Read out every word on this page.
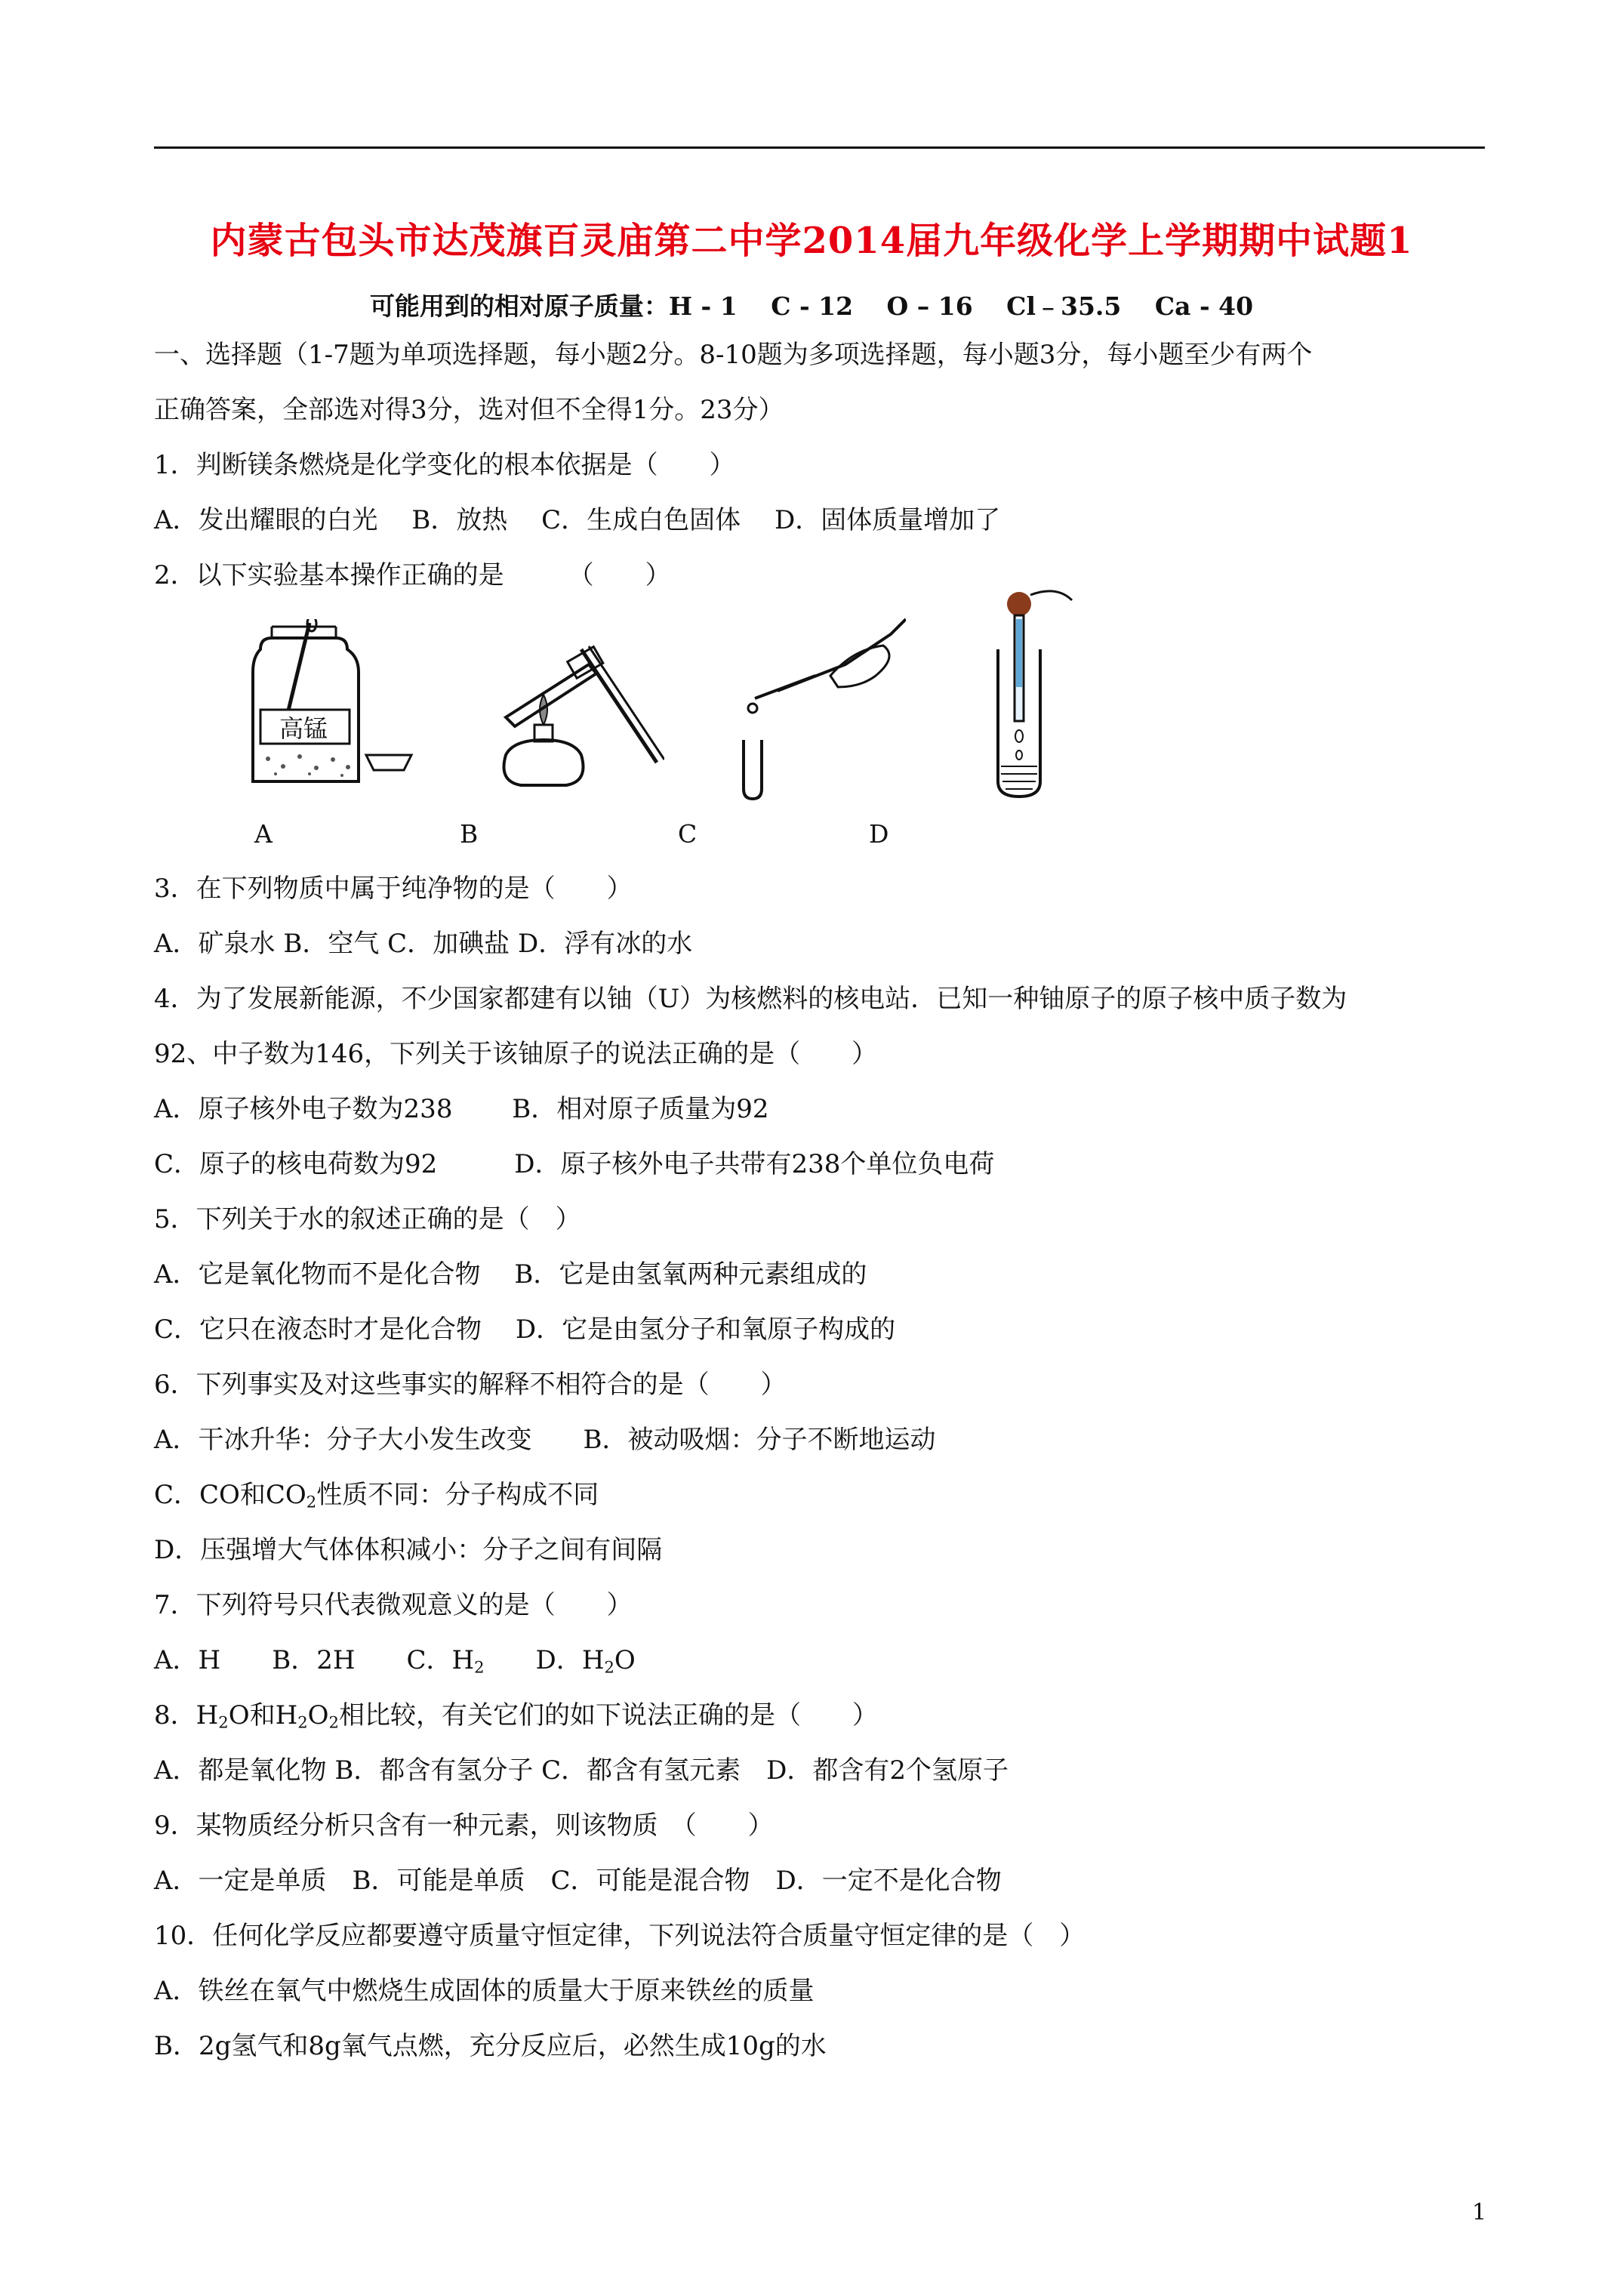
内蒙古包头市达茂旗百灵庙第二中学2014届九年级化学上学期期中试题1
可能用到的相对原子质量：H - 1　 C - 12　 O – 16　 Cl﹣35.5　 Ca - 40
一、选择题（1-7题为单项选择题，每小题2分。8-10题为多项选择题，每小题3分，每小题至少有两个
正确答案，全部选对得3分，选对但不全得1分。23分）
1．判断镁条燃烧是化学变化的根本依据是（　　）
A．发出耀眼的白光　 B．放热　 C．生成白色固体　 D．固体质量增加了
2．以下实验基本操作正确的是　　　（　　）
高锰
A	B	C	D
3．在下列物质中属于纯净物的是（　　）
A．矿泉水 B．空气 C．加碘盐 D．浮有冰的水
4．为了发展新能源，不少国家都建有以铀（U）为核燃料的核电站．已知一种铀原子的原子核中质子数为
92、中子数为146，下列关于该铀原子的说法正确的是（　　）
A．原子核外电子数为238　　 B．相对原子质量为92
C．原子的核电荷数为92　　　D．原子核外电子共带有238个单位负电荷
5．下列关于水的叙述正确的是（　）
A．它是氧化物而不是化合物　 B．它是由氢氧两种元素组成的
C．它只在液态时才是化合物　 D．它是由氢分子和氧原子构成的
6．下列事实及对这些事实的解释不相符合的是（　　）
A．干冰升华：分子大小发生改变　　B．被动吸烟：分子不断地运动
C．CO和$CO_2$性质不同：分子构成不同
D．压强增大气体体积减小：分子之间有间隔
7．下列符号只代表微观意义的是（　　）
A．H　　B．2H　　C．$H_2$　　D．$H_2O$
8．$H_2O$和$H_2O_2$相比较，有关它们的如下说法正确的是（　　）
A．都是氧化物 B．都含有氢分子 C．都含有氢元素　D．都含有2个氢原子
9．某物质经分析只含有一种元素，则该物质　（　　）
A．一定是单质　B．可能是单质　C．可能是混合物　D．一定不是化合物
10．任何化学反应都要遵守质量守恒定律，下列说法符合质量守恒定律的是（　）
A．铁丝在氧气中燃烧生成固体的质量大于原来铁丝的质量
B．2g氢气和8g氧气点燃，充分反应后，必然生成10g的水
1
